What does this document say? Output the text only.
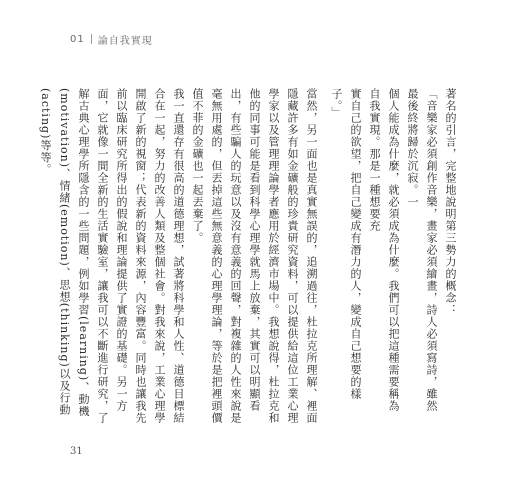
01 論自我實現

著名的引言，完整地說明第三勢力的概念：

「音樂家必須創作音樂，畫家必須繪畫，詩人必須寫詩，雖然最後終將歸於沉寂。一
個人能成為什麼，就必須成為什麼。我們可以把這種需要稱為自我實現。那是一種想要充
實自己的欲望，把自己變成有潛力的人，變成自己想要的樣子。」

當然，另一面也是真實無誤的，追溯過往，杜拉克所理解、裡面隱藏許多有如金礦般的珍貴研究資料，可以提供給這位工業心理學家以及管理理論學者應用於經濟市場中。我想說得，杜拉克和他的同事可能是看到科學心理學就馬上放棄，其實可以明顯看出，有些騙人的玩意以及沒有意義的回聲，對複雜的人性來說是毫無用處的，但丟掉這些無意義的心理學理論，等於是把裡頭價值不菲的金礦也一起丟棄了。

我一直還存有很高的道德理想，試著將科學和人性、道德目標結合在一起，努力的改善人類及整個社會。對我來說，工業心理學開啟了新的視窗；代表新的資料來源，內容豐富。同時也讓我先前以臨床研究所得出的假說和理論提供了實證的基礎。另一方面，它就像一間全新的生活實驗室，讓我可以不斷進行研究，了解古典心理學所隱含的一些問題，例如學習(learning)、動機(motivation)、情緒(emotion)、思想(thinking)以及行動(acting)等等。

31
